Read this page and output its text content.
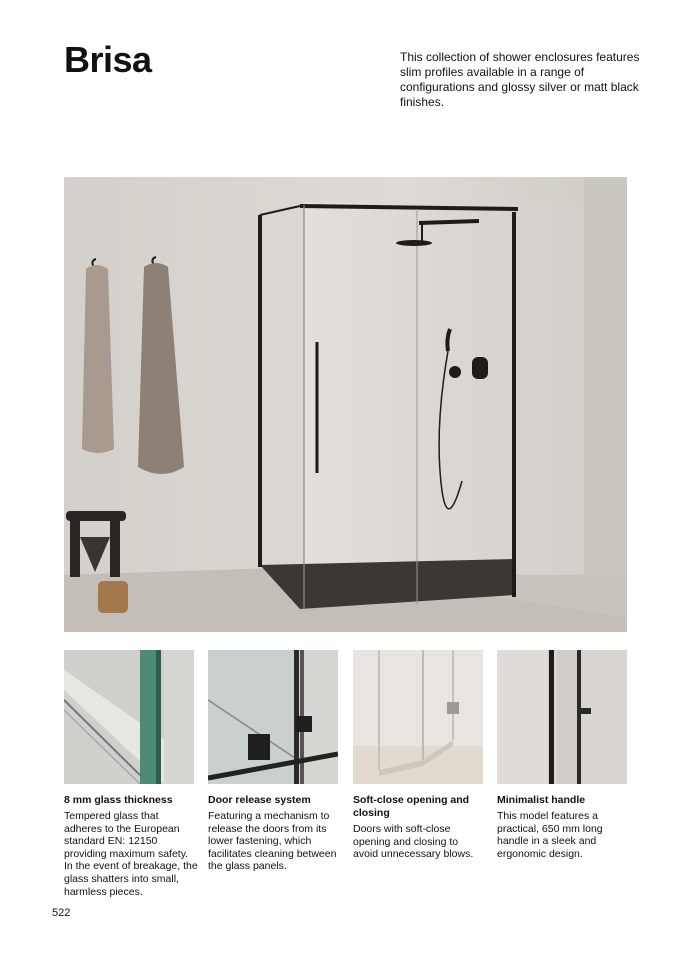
Brisa	This collection of shower enclosures features slim profiles available in a range of configurations and glossy silver or matt black finishes.

8 mm glass thickness

Tempered glass that adheres to the European standard EN: 12150 providing maximum safety. In the event of breakage, the glass shatters into small, harmless pieces.

Door release system

Featuring a mechanism to release the doors from its lower fastening, which facilitates cleaning between the glass panels.

Soft-close opening and closing

Doors with soft-close opening and closing to avoid unnecessary blows.

Minimalist handle

This model features a practical, 650 mm long handle in a sleek and ergonomic design.

522
